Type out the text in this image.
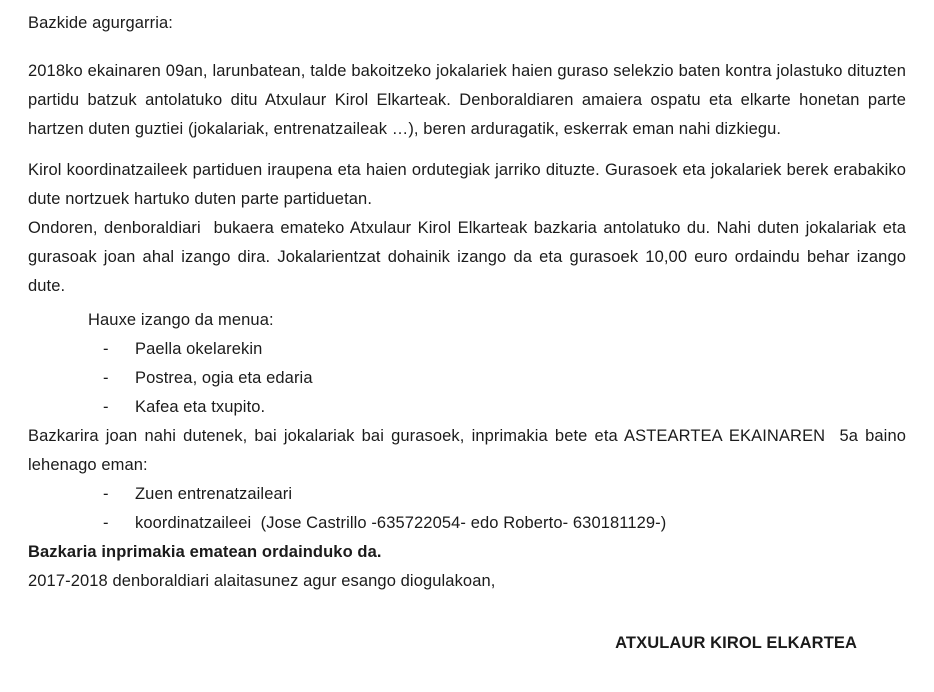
Bazkide agurgarria:

2018ko ekainaren 09an, larunbatean, talde bakoitzeko jokalariek haien guraso selekzio baten kontra jolastuko dituzten partidu batzuk antolatuko ditu Atxulaur Kirol Elkarteak. Denboraldiaren amaiera ospatu eta elkarte honetan parte hartzen duten guztiei (jokalariak, entrenatzaileak …), beren arduragatik, eskerrak eman nahi dizkiegu.

Kirol koordinatzaileek partiduen iraupena eta haien ordutegiak jarriko dituzte. Gurasoek eta jokalariek berek erabakiko dute nortzuek hartuko duten parte partiduetan.

Ondoren, denboraldiari  bukaera emateko Atxulaur Kirol Elkarteak bazkaria antolatuko du. Nahi duten jokalariak eta gurasoak joan ahal izango dira. Jokalarientzat dohainik izango da eta gurasoek 10,00 euro ordaindu behar izango dute.

Hauxe izango da menua:

-	Paella okelarekin
-	Postrea, ogia eta edaria
-	Kafea eta txupito.

Bazkarira joan nahi dutenek, bai jokalariak bai gurasoek, inprimakia bete eta ASTEARTEA EKAINAREN  5a baino lehenago eman:

-	Zuen entrenatzaileari
-	koordinatzaileei  (Jose Castrillo -635722054- edo Roberto- 630181129-)

Bazkaria inprimakia ematean ordainduko da.

2017-2018 denboraldiari alaitasunez agur esango diogulakoan,

ATXULAUR KIROL ELKARTEA
